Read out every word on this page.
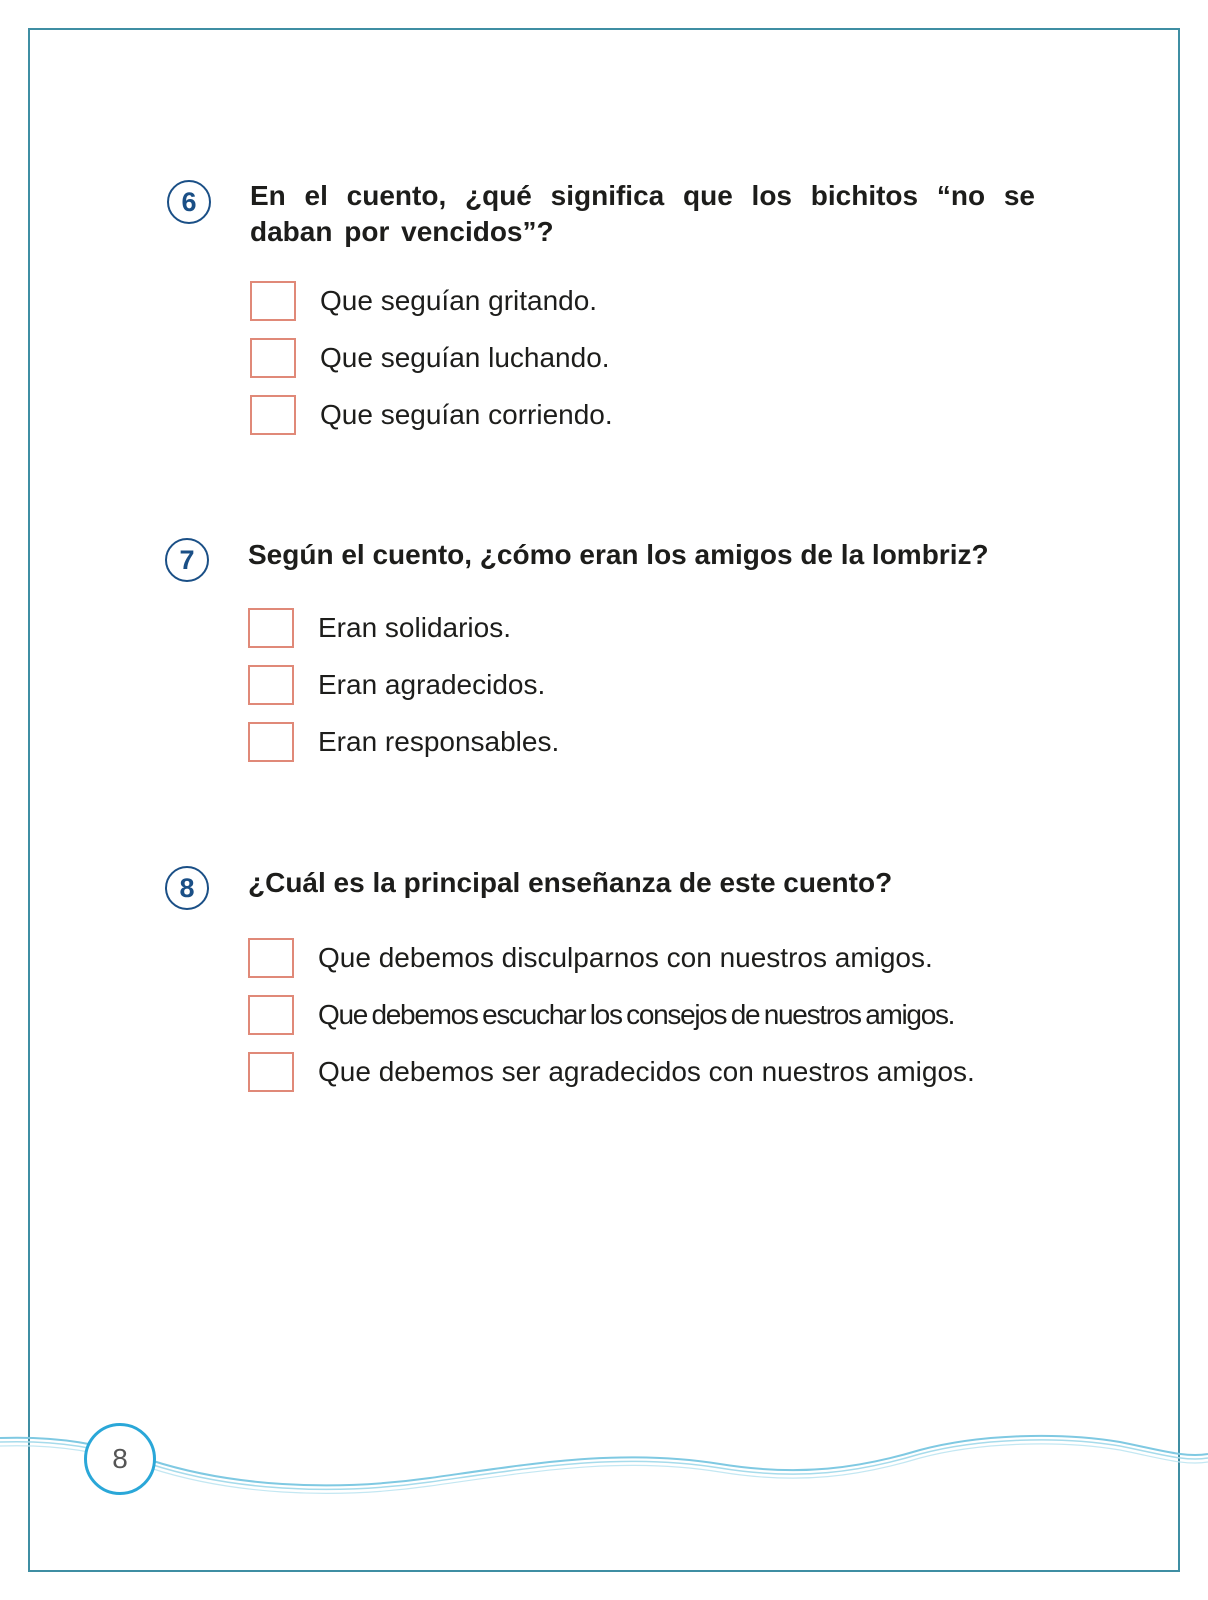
6	En el cuento, ¿qué significa que los bichitos “no se daban por vencidos”?
Que seguían gritando.
Que seguían luchando.
Que seguían corriendo.
7	Según el cuento, ¿cómo eran los amigos de la lombriz?
Eran solidarios.
Eran agradecidos.
Eran responsables.
8	¿Cuál es la principal enseñanza de este cuento?
Que debemos disculparnos con nuestros amigos.
Que debemos escuchar los consejos de nuestros amigos.
Que debemos ser agradecidos con nuestros amigos.
8
